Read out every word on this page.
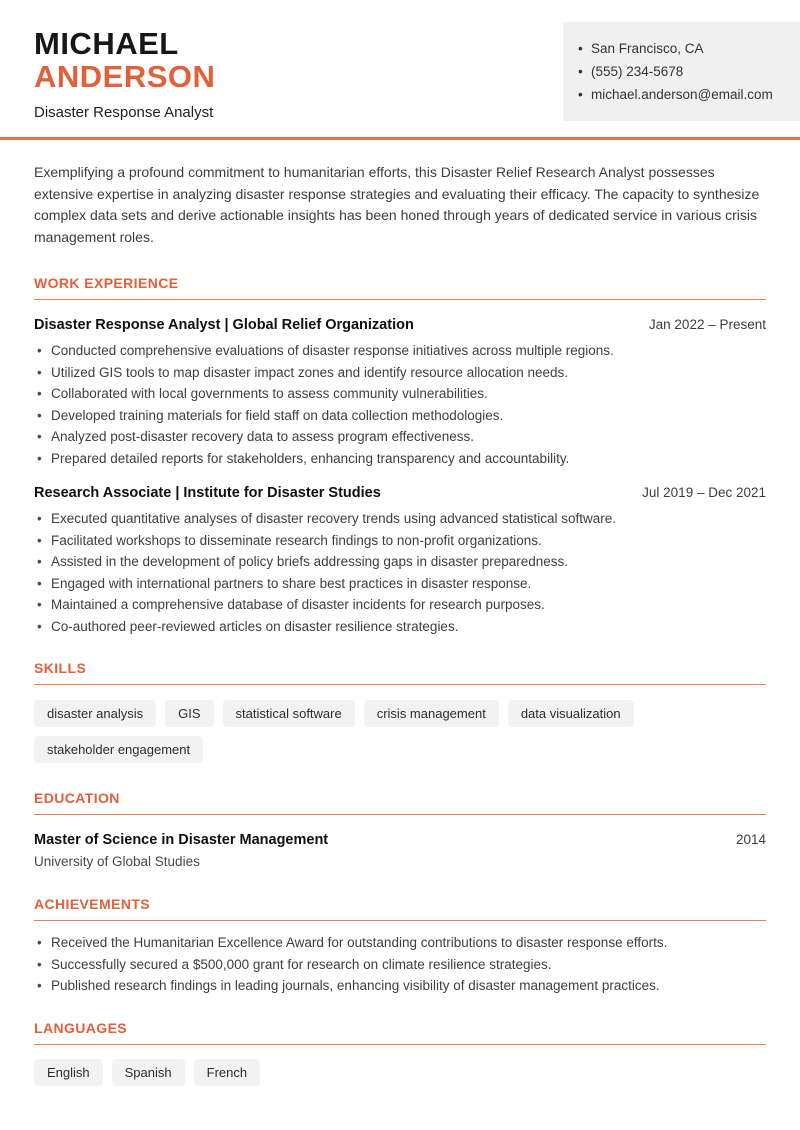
MICHAEL
ANDERSON
Disaster Response Analyst
• San Francisco, CA
• (555) 234-5678
• michael.anderson@email.com

Exemplifying a profound commitment to humanitarian efforts, this Disaster Relief Research Analyst possesses extensive expertise in analyzing disaster response strategies and evaluating their efficacy. The capacity to synthesize complex data sets and derive actionable insights has been honed through years of dedicated service in various crisis management roles.

WORK EXPERIENCE
Disaster Response Analyst | Global Relief Organization	Jan 2022 – Present
• Conducted comprehensive evaluations of disaster response initiatives across multiple regions.
• Utilized GIS tools to map disaster impact zones and identify resource allocation needs.
• Collaborated with local governments to assess community vulnerabilities.
• Developed training materials for field staff on data collection methodologies.
• Analyzed post-disaster recovery data to assess program effectiveness.
• Prepared detailed reports for stakeholders, enhancing transparency and accountability.
Research Associate | Institute for Disaster Studies	Jul 2019 – Dec 2021
• Executed quantitative analyses of disaster recovery trends using advanced statistical software.
• Facilitated workshops to disseminate research findings to non-profit organizations.
• Assisted in the development of policy briefs addressing gaps in disaster preparedness.
• Engaged with international partners to share best practices in disaster response.
• Maintained a comprehensive database of disaster incidents for research purposes.
• Co-authored peer-reviewed articles on disaster resilience strategies.
SKILLS
disaster analysis	GIS	statistical software	crisis management	data visualization
stakeholder engagement
EDUCATION
Master of Science in Disaster Management	2014
University of Global Studies
ACHIEVEMENTS
• Received the Humanitarian Excellence Award for outstanding contributions to disaster response efforts.
• Successfully secured a $500,000 grant for research on climate resilience strategies.
• Published research findings in leading journals, enhancing visibility of disaster management practices.
LANGUAGES
English	Spanish	French
